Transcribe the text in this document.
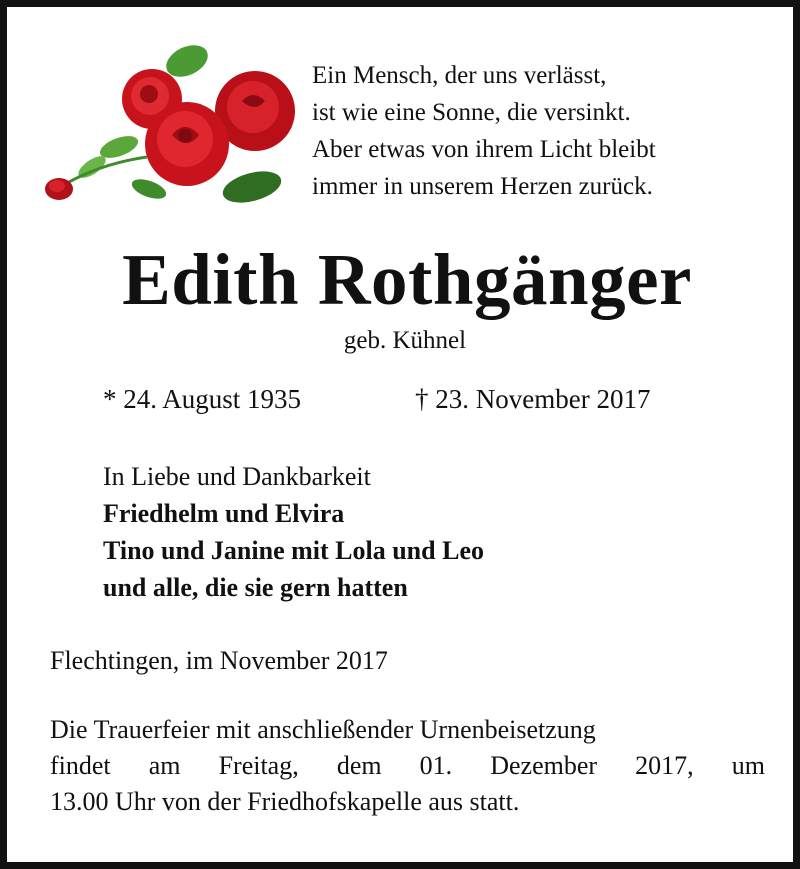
Ein Mensch, der uns verlässt,
ist wie eine Sonne, die versinkt.
Aber etwas von ihrem Licht bleibt
immer in unserem Herzen zurück.
Edith Rothgänger
geb. Kühnel
* 24. August 1935	† 23. November 2017
In Liebe und Dankbarkeit
Friedhelm und Elvira
Tino und Janine mit Lola und Leo
und alle, die sie gern hatten
Flechtingen, im November 2017
Die Trauerfeier mit anschließender Urnenbeisetzung
findet am Freitag, dem 01. Dezember 2017, um
13.00 Uhr von der Friedhofskapelle aus statt.
